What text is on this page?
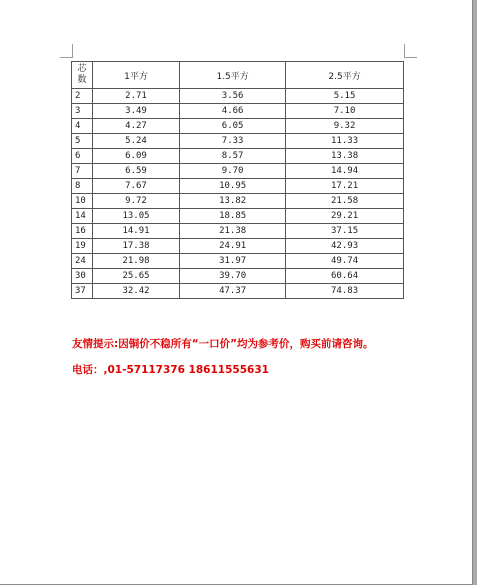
芯
数	1平方	1.5平方	2.5平方
2	2.71	3.56	5.15
3	3.49	4.66	7.10
4	4.27	6.05	9.32
5	5.24	7.33	11.33
6	6.09	8.57	13.38
7	6.59	9.70	14.94
8	7.67	10.95	17.21
10	9.72	13.82	21.58
14	13.05	18.85	29.21
16	14.91	21.38	37.15
19	17.38	24.91	42.93
24	21.98	31.97	49.74
30	25.65	39.70	60.64
37	32.42	47.37	74.83
友情提示:因铜价不稳所有“一口价”均为参考价，购买前请咨询。
电话：,01-57117376 18611555631
